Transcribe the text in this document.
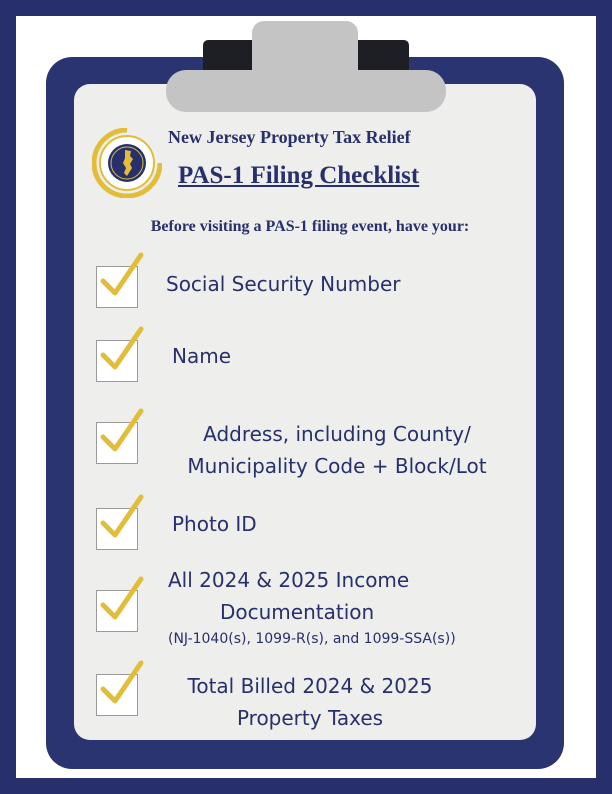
New Jersey Property Tax Relief
PAS-1 Filing Checklist
Before visiting a PAS-1 filing event, have your:
Social Security Number
Name
Address, including County/
Municipality Code + Block/Lot
Photo ID
All 2024 & 2025 Income
Documentation
(NJ-1040(s), 1099-R(s), and 1099-SSA(s))
Total Billed 2024 & 2025
Property Taxes
